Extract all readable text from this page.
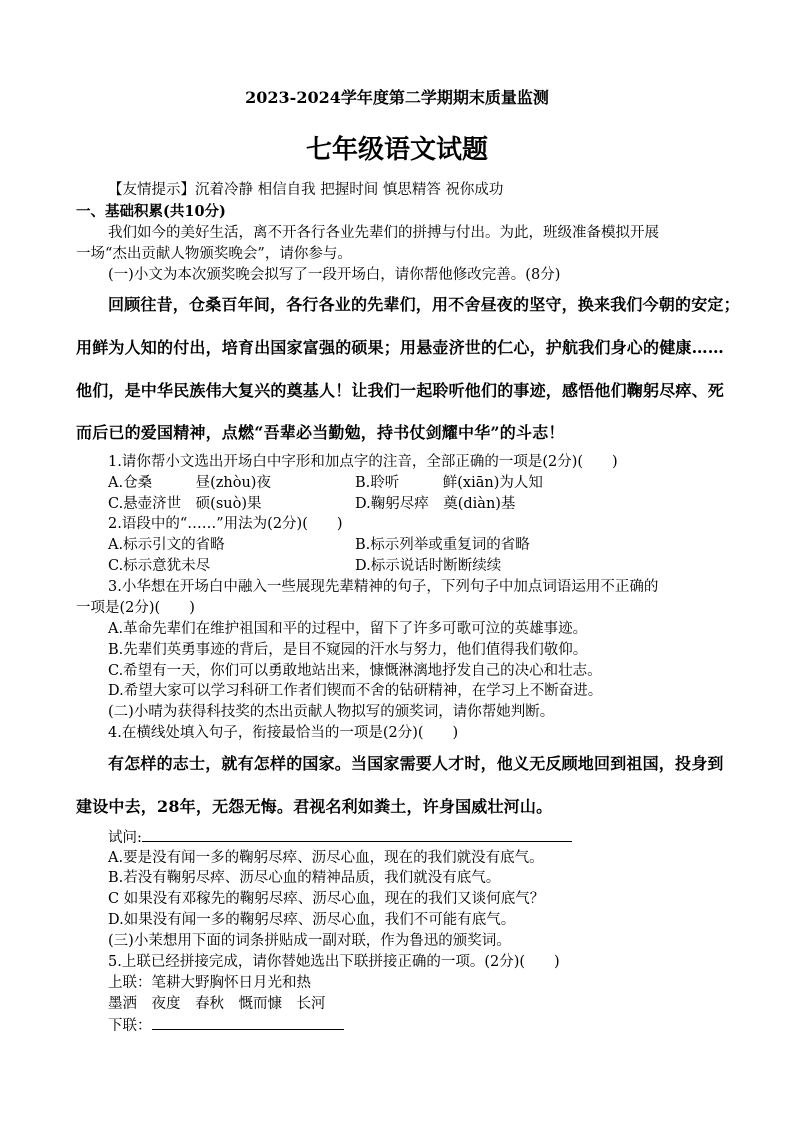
2023-2024学年度第二学期期末质量监测
七年级语文试题
【友情提示】沉着冷静 相信自我 把握时间 慎思精答 祝你成功
一、基础积累(共10分)
我们如今的美好生活，离不开各行各业先辈们的拼搏与付出。为此，班级准备模拟开展
一场“杰出贡献人物颁奖晚会”，请你参与。
(一)小文为本次颁奖晚会拟写了一段开场白，请你帮他修改完善。(8分)
回顾往昔，仓桑百年间，各行各业的先辈们，用不舍昼夜的坚守，换来我们今朝的安定；
用鲜为人知的付出，培育出国家富强的硕果；用悬壶济世的仁心，护航我们身心的健康……
他们，是中华民族伟大复兴的奠基人！让我们一起聆听他们的事迹，感悟他们鞠躬尽瘁、死
而后已的爱国精神，点燃“吾辈必当勤勉，持书仗剑耀中华”的斗志！
1.请你帮小文选出开场白中字形和加点字的注音，全部正确的一项是(2分)(　　)
A.仓桑　　　昼(zhòu)夜	B.聆听　　　鲜(xiān)为人知
C.悬壶济世　硕(suò)果	D.鞠躬尽瘁　奠(diàn)基
2.语段中的“……”用法为(2分)(　　)
A.标示引文的省略	B.标示列举或重复词的省略
C.标示意犹未尽	D.标示说话时断断续续
3.小华想在开场白中融入一些展现先辈精神的句子，下列句子中加点词语运用不正确的
一项是(2分)(　　)
A.革命先辈们在维护祖国和平的过程中，留下了许多可歌可泣的英雄事迹。
B.先辈们英勇事迹的背后，是目不窥园的汗水与努力，他们值得我们敬仰。
C.希望有一天，你们可以勇敢地站出来，慷慨淋漓地抒发自己的决心和壮志。
D.希望大家可以学习科研工作者们锲而不舍的钻研精神，在学习上不断奋进。
(二)小晴为获得科技奖的杰出贡献人物拟写的颁奖词，请你帮她判断。
4.在横线处填入句子，衔接最恰当的一项是(2分)(　　)
有怎样的志士，就有怎样的国家。当国家需要人才时，他义无反顾地回到祖国，投身到
建设中去，28年，无怨无悔。君视名利如粪土，许身国威壮河山。
试问:
A.要是没有闻一多的鞠躬尽瘁、沥尽心血，现在的我们就没有底气。
B.若没有鞠躬尽瘁、沥尽心血的精神品质，我们就没有底气。
C 如果没有邓稼先的鞠躬尽瘁、沥尽心血，现在的我们又谈何底气？
D.如果没有闻一多的鞠躬尽瘁、沥尽心血，我们不可能有底气。
(三)小茉想用下面的词条拼贴成一副对联，作为鲁迅的颁奖词。
5.上联已经拼接完成，请你替她选出下联拼接正确的一项。(2分)(　　)
上联：笔耕大野胸怀日月光和热
墨洒　夜度　春秋　慨而慷　长河
下联：
